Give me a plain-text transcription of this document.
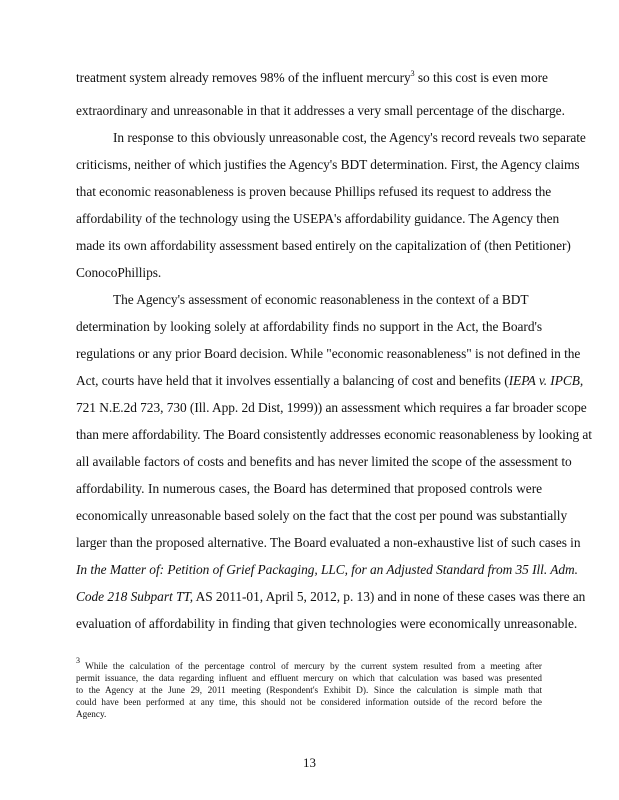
treatment system already removes 98% of the influent mercury$^3$ so this cost is even more
extraordinary and unreasonable in that it addresses a very small percentage of the discharge.
In response to this obviously unreasonable cost, the Agency's record reveals two separate
criticisms, neither of which justifies the Agency's BDT determination. First, the Agency claims
that economic reasonableness is proven because Phillips refused its request to address the
affordability of the technology using the USEPA's affordability guidance. The Agency then
made its own affordability assessment based entirely on the capitalization of (then Petitioner)
ConocoPhillips.
The Agency's assessment of economic reasonableness in the context of a BDT
determination by looking solely at affordability finds no support in the Act, the Board's
regulations or any prior Board decision. While "economic reasonableness" is not defined in the
Act, courts have held that it involves essentially a balancing of cost and benefits (IEPA v. IPCB,
721 N.E.2d 723, 730 (Ill. App. 2d Dist, 1999)) an assessment which requires a far broader scope
than mere affordability. The Board consistently addresses economic reasonableness by looking at
all available factors of costs and benefits and has never limited the scope of the assessment to
affordability. In numerous cases, the Board has determined that proposed controls were
economically unreasonable based solely on the fact that the cost per pound was substantially
larger than the proposed alternative. The Board evaluated a non-exhaustive list of such cases in
In the Matter of: Petition of Grief Packaging, LLC, for an Adjusted Standard from 35 Ill. Adm.
Code 218 Subpart TT, AS 2011-01, April 5, 2012, p. 13) and in none of these cases was there an
evaluation of affordability in finding that given technologies were economically unreasonable.
$^3$ While the calculation of the percentage control of mercury by the current system resulted from a meeting after
permit issuance, the data regarding influent and effluent mercury on which that calculation was based was presented
to the Agency at the June 29, 2011 meeting (Respondent's Exhibit D). Since the calculation is simple math that
could have been performed at any time, this should not be considered information outside of the record before the
Agency.
13
